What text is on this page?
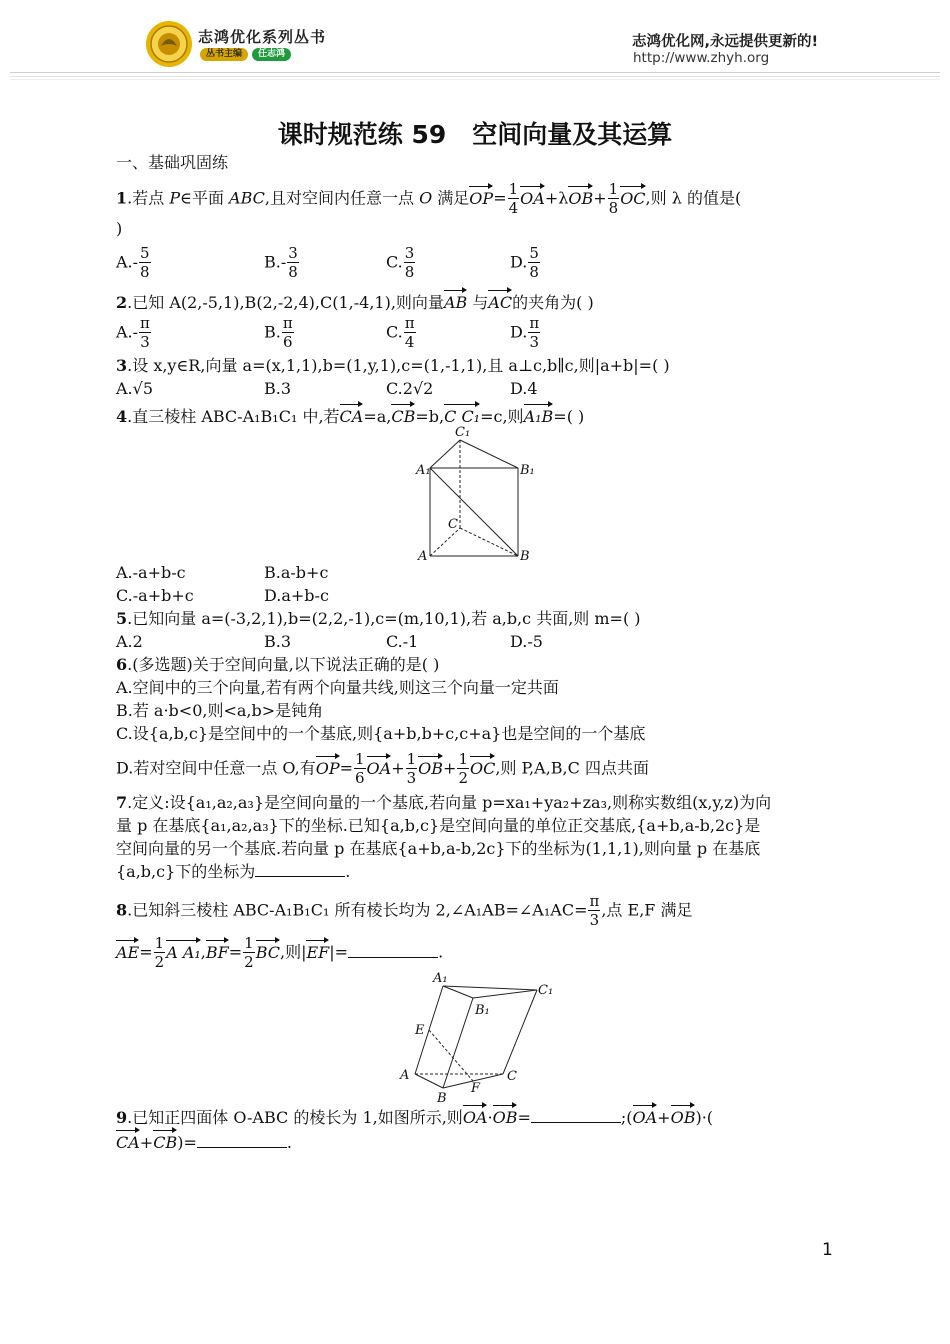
志鸿优化系列丛书
丛书主编	任志鸿
志鸿优化网,永远提供更新的!
http://www.zhyh.org
课时规范练 59 空间向量及其运算
一、基础巩固练
1.若点 P∈平面 ABC,且对空间内任意一点 O 满足$OP= \frac{1}{4} OA+\lambda OB+ \frac{1}{8}$ OC,则 λ 的值是(
)
$A.- \frac{5}{8}$	$B.- \frac{3}{8}$	C. $\frac{3}{8}$	D. $\frac{5}{8}$
2.已知 A(2,-5,1),B(2,-2,4),C(1,-4,1),则向量AB 与AC的夹角为( )
$A.- \frac{\pi}{3}$	B. $\frac{\pi}{6}$	C. $\frac{\pi}{4}$	D. $\frac{\pi}{3}$
3.设 x,y∈R,向量 a=(x,1,1),b=(1,y,1),c=(1,-1,1),且 a⊥c,b∥c,则|a+b|=( )
A.√5	B.3	C.2√2	D.4
4.直三棱柱 ABC-A₁B₁C₁ 中,若CA=a,CB=b,C C₁=c,则A₁B=( )
C₁
A₁	B₁
C
A	B
A.-a+b-c	B.a-b+c
C.-a+b+c	D.a+b-c
5.已知向量 a=(-3,2,1),b=(2,2,-1),c=(m,10,1),若 a,b,c 共面,则 m=( )
A.2	B.3	C.-1	D.-5
6.(多选题)关于空间向量,以下说法正确的是( )
A.空间中的三个向量,若有两个向量共线,则这三个向量一定共面
B.若 a·b<0,则<a,b>是钝角
C.设{a,b,c}是空间中的一个基底,则{a+b,b+c,c+a}也是空间的一个基底
D.若对空间中任意一点 O,有$OP= \frac{1}{6} OA+ \frac{1}{3} OB+ \frac{1}{2}$ OC,则 P,A,B,C 四点共面
7.定义:设{a₁,a₂,a₃}是空间向量的一个基底,若向量 p=xa₁+ya₂+za₃,则称实数组(x,y,z)为向
量 p 在基底{a₁,a₂,a₃}下的坐标.已知{a,b,c}是空间向量的单位正交基底,{a+b,a-b,2c}是
空间向量的另一个基底.若向量 p 在基底{a+b,a-b,2c}下的坐标为(1,1,1),则向量 p 在基底
{a,b,c}下的坐标为	.
8.已知斜三棱柱 ABC-A₁B₁C₁ 所有棱长均为 2,∠A₁AB=∠A₁AC= $\frac{\pi}{3}$ ,点 E,F 满足
$AE= \frac{1}{2}$ A $A_1,BF= \frac{1}{2}$ BC,则|EF|=	.
A₁
B₁
C₁
E
A	C
F
B
9.已知正四面体 O-ABC 的棱长为 1,如图所示,则OA·OB=	;(OA+OB)·(
CA+CB)=	.
1
